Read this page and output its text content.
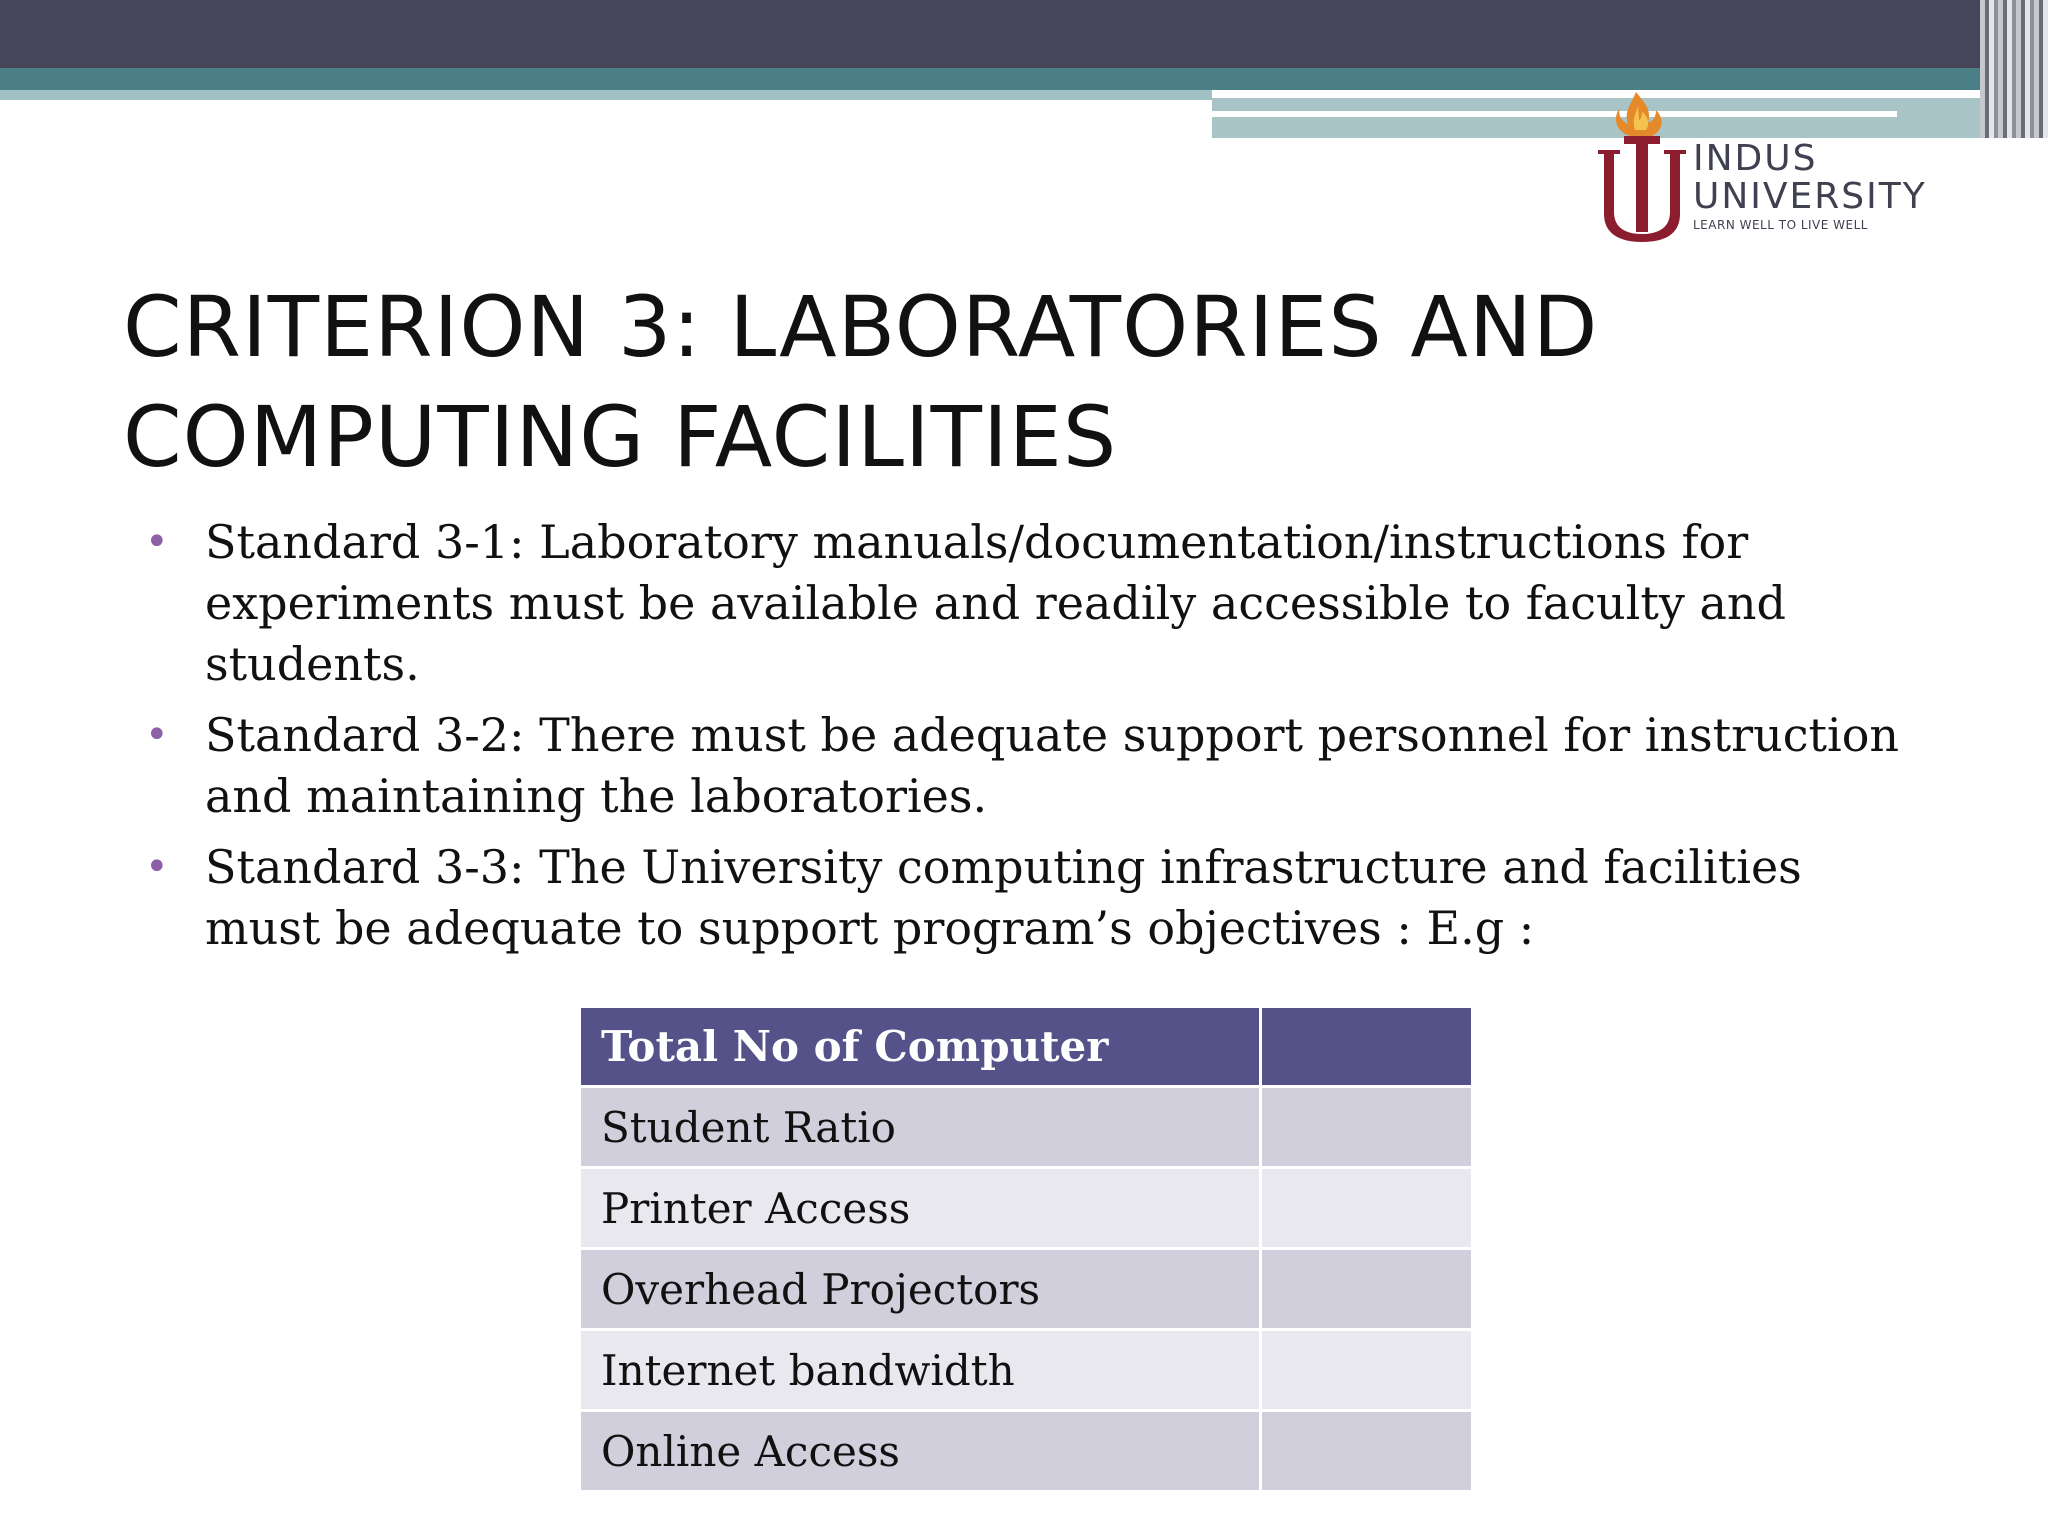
INDUS
UNIVERSITY
LEARN WELL TO LIVE WELL
CRITERION 3: LABORATORIES AND
COMPUTING FACILITIES
• Standard 3-1: Laboratory manuals/documentation/instructions for experiments must be available and readily accessible to faculty and students.
• Standard 3-2: There must be adequate support personnel for instruction and maintaining the laboratories.
• Standard 3-3: The University computing infrastructure and facilities must be adequate to support program’s objectives : E.g :
Total No of Computer	
Student Ratio	
Printer Access	
Overhead Projectors	
Internet bandwidth	
Online Access	
